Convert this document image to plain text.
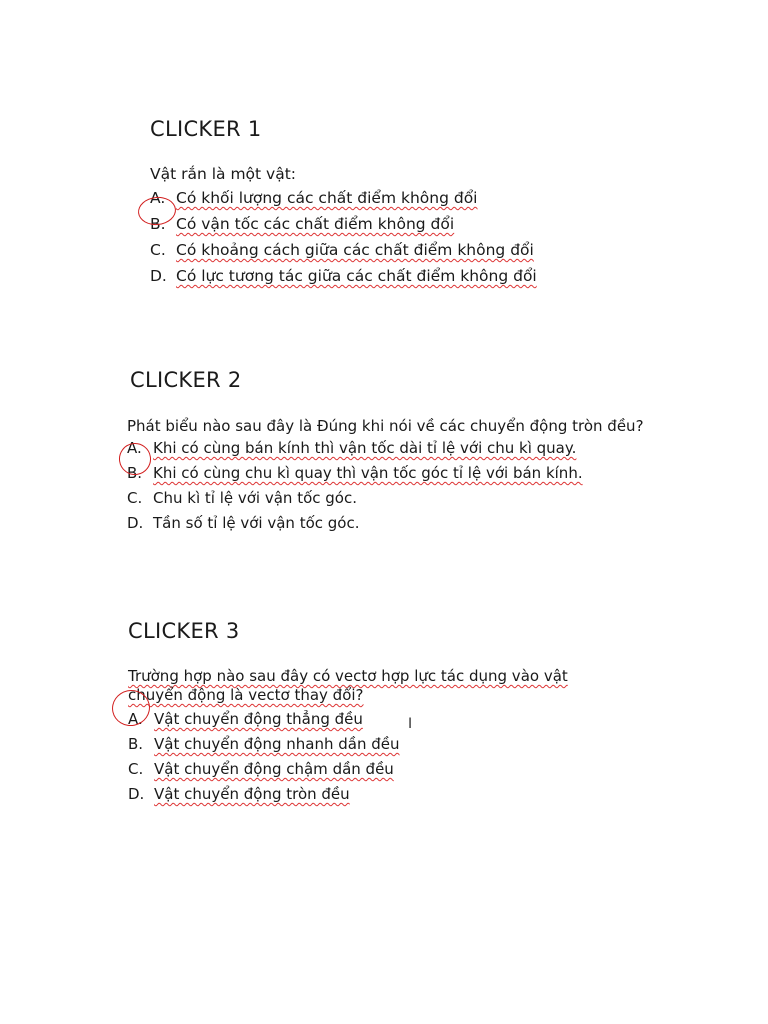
CLICKER 1

Vật rắn là một vật:

A. Có khối lượng các chất điểm không đổi
B. Có vận tốc các chất điểm không đổi
C. Có khoảng cách giữa các chất điểm không đổi
D. Có lực tương tác giữa các chất điểm không đổi
CLICKER 2

Phát biểu nào sau đây là Đúng khi nói về các chuyển động tròn đều?

A. Khi có cùng bán kính thì vận tốc dài tỉ lệ với chu kì quay.
B. Khi có cùng chu kì quay thì vận tốc góc tỉ lệ với bán kính.
C. Chu kì tỉ lệ với vận tốc góc.
D. Tần số tỉ lệ với vận tốc góc.
CLICKER 3

Trường hợp nào sau đây có vectơ hợp lực tác dụng vào vật chuyển động là vectơ thay đổi?

A. Vật chuyển động thẳng đều
B. Vật chuyển động nhanh dần đều
C. Vật chuyển động chậm dần đều
D. Vật chuyển động tròn đều
I
